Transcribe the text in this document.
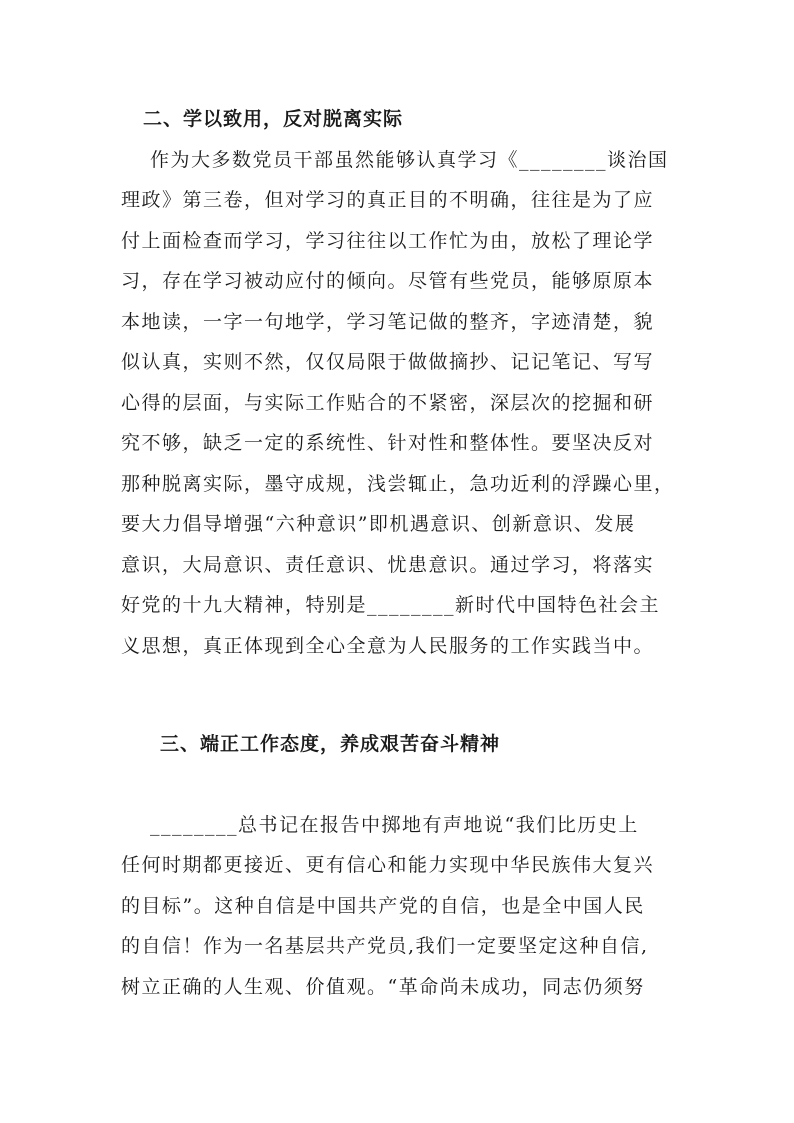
二、学以致用，反对脱离实际

作为大多数党员干部虽然能够认真学习《________谈治国

理政》第三卷，但对学习的真正目的不明确，往往是为了应

付上面检查而学习，学习往往以工作忙为由，放松了理论学

习，存在学习被动应付的倾向。尽管有些党员，能够原原本

本地读，一字一句地学，学习笔记做的整齐，字迹清楚，貌

似认真，实则不然，仅仅局限于做做摘抄、记记笔记、写写

心得的层面，与实际工作贴合的不紧密，深层次的挖掘和研

究不够，缺乏一定的系统性、针对性和整体性。要坚决反对

那种脱离实际，墨守成规，浅尝辄止，急功近利的浮躁心里，

要大力倡导增强“六种意识”即机遇意识、创新意识、发展

意识，大局意识、责任意识、忧患意识。通过学习，将落实

好党的十九大精神，特别是________新时代中国特色社会主

义思想，真正体现到全心全意为人民服务的工作实践当中。

三、端正工作态度，养成艰苦奋斗精神

________总书记在报告中掷地有声地说“我们比历史上

任何时期都更接近、更有信心和能力实现中华民族伟大复兴

的目标”。这种自信是中国共产党的自信，也是全中国人民

的自信！作为一名基层共产党员,我们一定要坚定这种自信,

树立正确的人生观、价值观。“革命尚未成功，同志仍须努
